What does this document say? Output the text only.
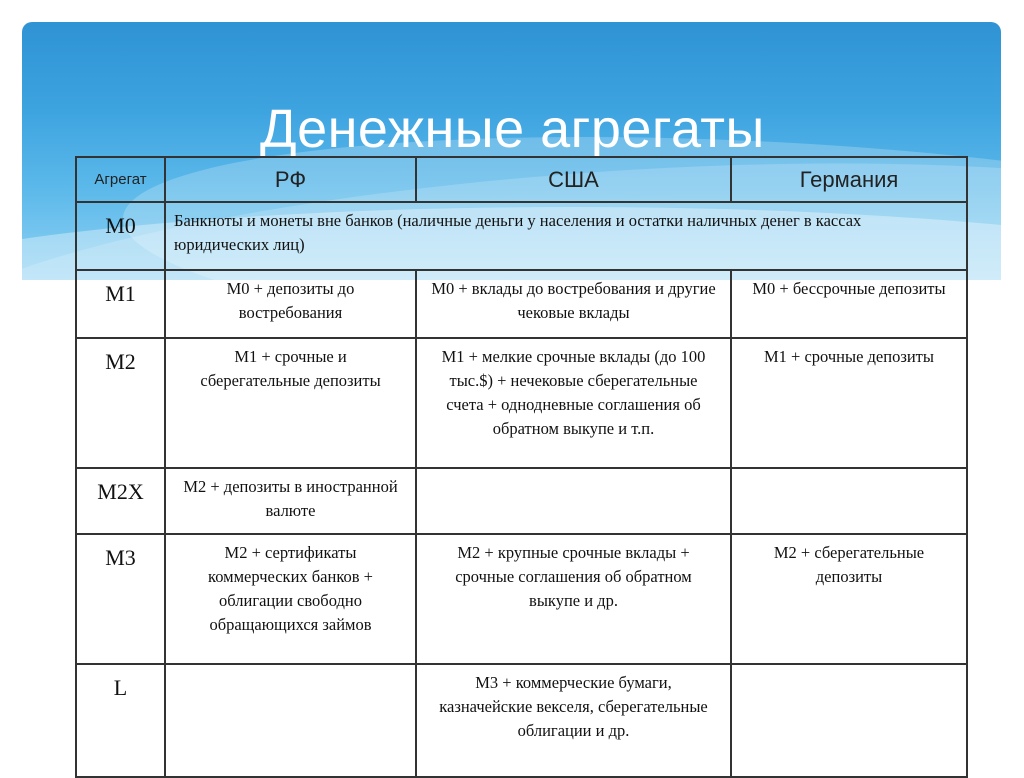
Денежные агрегаты
Агрегат	РФ	США	Германия
M0	Банкноты и монеты вне банков (наличные деньги у населения и остатки наличных денег в кассах юридических лиц)		
M1	M0 + депозиты до востребования	M0 + вклады до востребования и другие чековые вклады	M0 + бессрочные депозиты
M2	M1 + срочные и сберегательные депозиты	M1 + мелкие срочные вклады (до 100 тыс.$) + нечековые сберегательные счета + однодневные соглашения об обратном выкупе и т.п.	M1 + срочные депозиты
M2X	M2 + депозиты в иностранной валюте		
M3	M2 + сертификаты коммерческих банков + облигации свободно обращающихся займов	M2 + крупные срочные вклады + срочные соглашения об обратном выкупе и др.	M2 + сберегательные депозиты
L		M3 + коммерческие бумаги, казначейские векселя, сберегательные облигации и др.	
